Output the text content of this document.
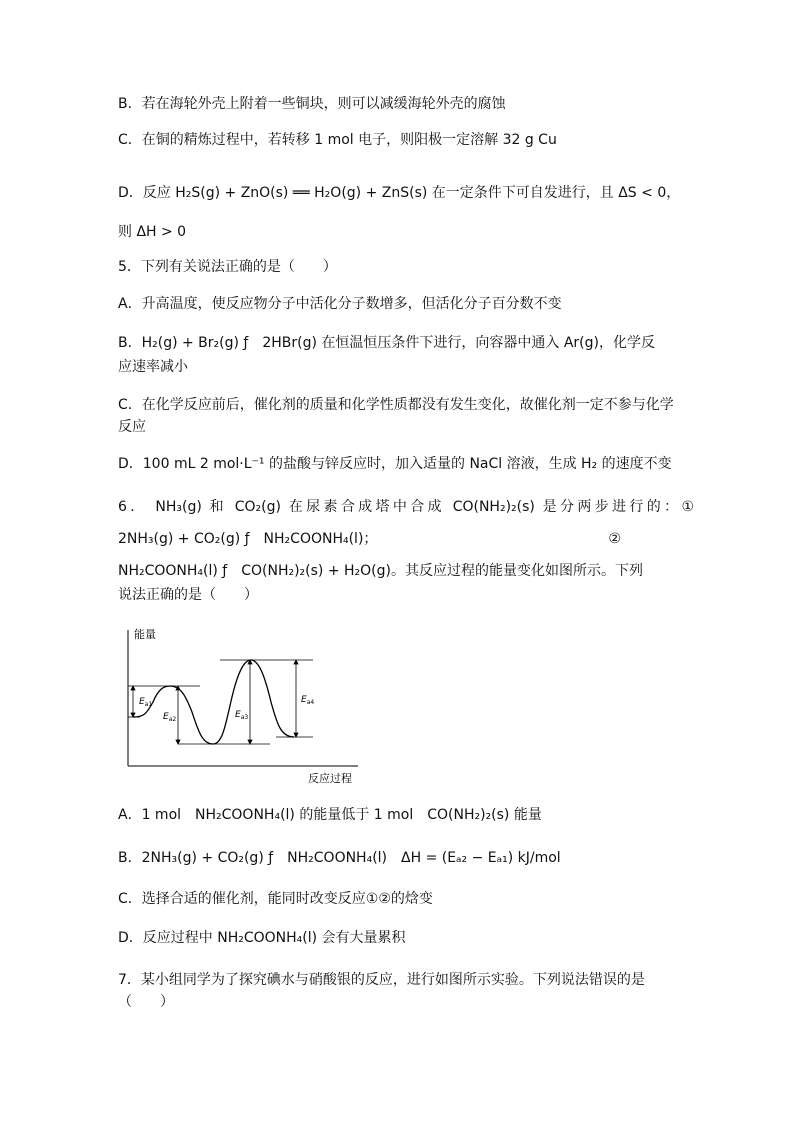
B．若在海轮外壳上附着一些铜块，则可以减缓海轮外壳的腐蚀
C．在铜的精炼过程中，若转移 1 mol 电子，则阳极一定溶解 32 g Cu
D．反应 H₂S(g) + ZnO(s) ══ H₂O(g) + ZnS(s) 在一定条件下可自发进行，且 ΔS < 0，
则 ΔH > 0
5．下列有关说法正确的是（　　）
A．升高温度，使反应物分子中活化分子数增多，但活化分子百分数不变
B．H₂(g) + Br₂(g) ƒ　2HBr(g) 在恒温恒压条件下进行，向容器中通入 Ar(g)，化学反
应速率减小
C．在化学反应前后，催化剂的质量和化学性质都没有发生变化，故催化剂一定不参与化学
反应
D．100 mL 2 mol·L⁻¹ 的盐酸与锌反应时，加入适量的 NaCl 溶液，生成 H₂ 的速度不变
6． NH₃(g) 和 CO₂(g) 在尿素合成塔中合成 CO(NH₂)₂(s) 是分两步进行的：①
2NH₃(g) + CO₂(g) ƒ　NH₂COONH₄(l)；　　　　　　　　　　　　　　　　　②
NH₂COONH₄(l) ƒ　CO(NH₂)₂(s) + H₂O(g)。其反应过程的能量变化如图所示。下列
说法正确的是（　　）
能量
反应过程
$E_{a1}$
$E_{a2}$	$E_{a3}$
$E_{a4}$
A．1 mol　NH₂COONH₄(l) 的能量低于 1 mol　CO(NH₂)₂(s) 能量
B．2NH₃(g) + CO₂(g) ƒ　NH₂COONH₄(l)　ΔH = (Eₐ₂ − Eₐ₁) kJ/mol
C．选择合适的催化剂，能同时改变反应①②的焓变
D．反应过程中 NH₂COONH₄(l) 会有大量累积
7．某小组同学为了探究碘水与硝酸银的反应，进行如图所示实验。下列说法错误的是
（　　）
